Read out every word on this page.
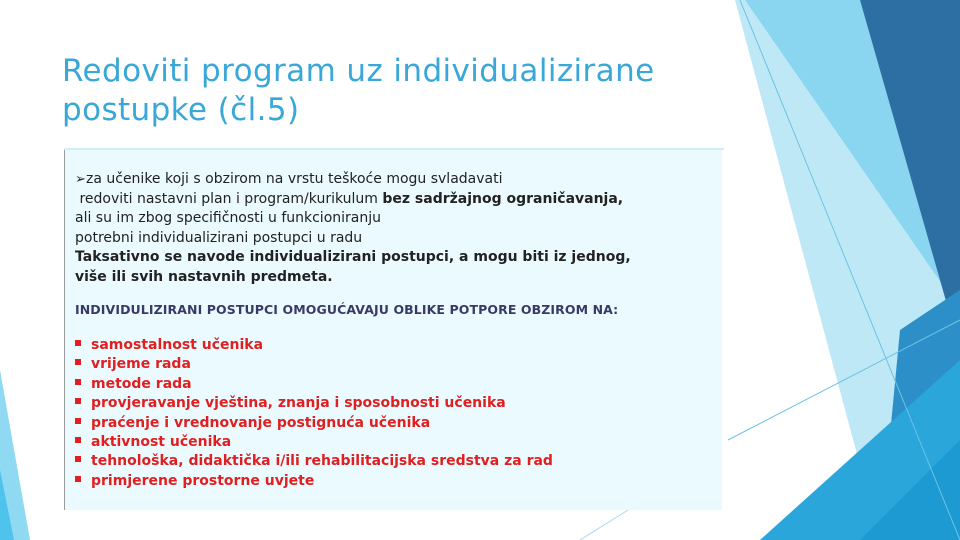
Redoviti program uz individualizirane
postupke (čl.5)
➢za učenike koji s obzirom na vrstu teškoće mogu svladavati
redoviti nastavni plan i program/kurikulum bez sadržajnog ograničavanja,
ali su im zbog specifičnosti u funkcioniranju
potrebni individualizirani postupci u radu
Taksativno se navode individualizirani postupci, a mogu biti iz jednog,
više ili svih nastavnih predmeta.
INDIVIDULIZIRANI POSTUPCI OMOGUĆAVAJU OBLIKE POTPORE OBZIROM NA:
samostalnost učenika
vrijeme rada
metode rada
provjeravanje vještina, znanja i sposobnosti učenika
praćenje i vrednovanje postignuća učenika
aktivnost učenika
tehnološka, didaktička i/ili rehabilitacijska sredstva za rad
primjerene prostorne uvjete
